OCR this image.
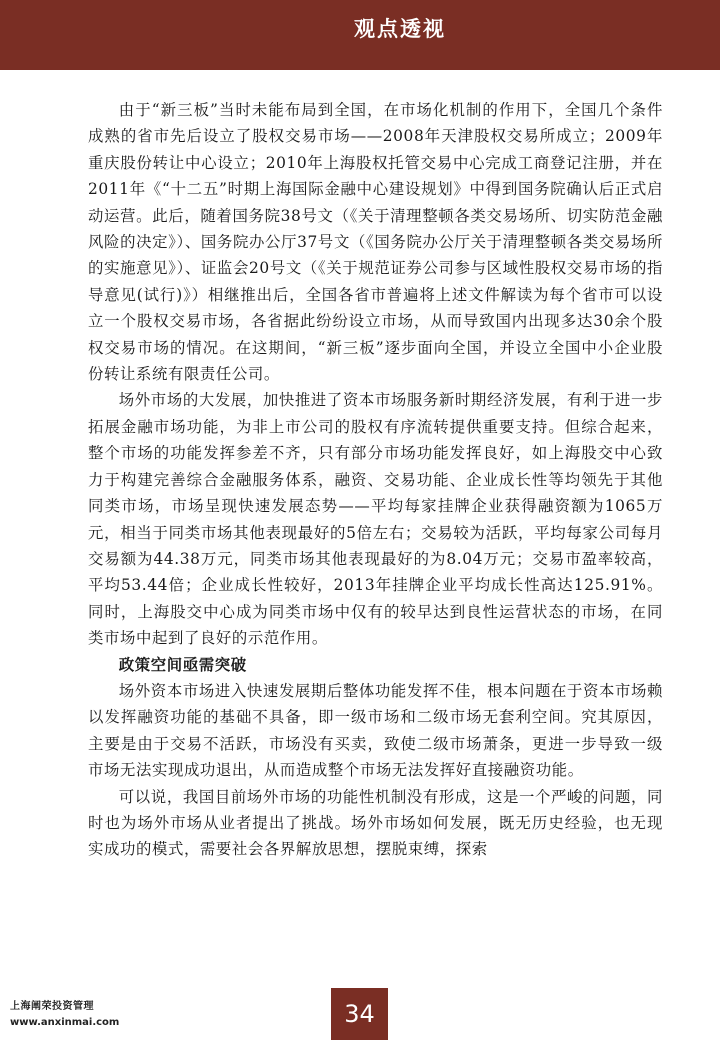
观点透视

由于“新三板”当时未能布局到全国，在市场化机制的作用下，全国几个条件成熟的省市先后设立了股权交易市场——2008年天津股权交易所成立；2009年重庆股份转让中心设立；2010年上海股权托管交易中心完成工商登记注册，并在2011年《“十二五”时期上海国际金融中心建设规划》中得到国务院确认后正式启动运营。此后，随着国务院38号文（《关于清理整顿各类交易场所、切实防范金融风险的决定》）、国务院办公厅37号文（《国务院办公厅关于清理整顿各类交易场所的实施意见》）、证监会20号文（《关于规范证券公司参与区域性股权交易市场的指导意见(试行)》）相继推出后，全国各省市普遍将上述文件解读为每个省市可以设立一个股权交易市场，各省据此纷纷设立市场，从而导致国内出现多达30余个股权交易市场的情况。在这期间，“新三板”逐步面向全国，并设立全国中小企业股份转让系统有限责任公司。

场外市场的大发展，加快推进了资本市场服务新时期经济发展，有利于进一步拓展金融市场功能，为非上市公司的股权有序流转提供重要支持。但综合起来，整个市场的功能发挥参差不齐，只有部分市场功能发挥良好，如上海股交中心致力于构建完善综合金融服务体系，融资、交易功能、企业成长性等均领先于其他同类市场，市场呈现快速发展态势——平均每家挂牌企业获得融资额为1065万元，相当于同类市场其他表现最好的5倍左右；交易较为活跃，平均每家公司每月交易额为44.38万元，同类市场其他表现最好的为8.04万元；交易市盈率较高，平均53.44倍；企业成长性较好，2013年挂牌企业平均成长性高达125.91%。同时，上海股交中心成为同类市场中仅有的较早达到良性运营状态的市场，在同类市场中起到了良好的示范作用。

政策空间亟需突破

场外资本市场进入快速发展期后整体功能发挥不佳，根本问题在于资本市场赖以发挥融资功能的基础不具备，即一级市场和二级市场无套利空间。究其原因，主要是由于交易不活跃，市场没有买卖，致使二级市场萧条，更进一步导致一级市场无法实现成功退出，从而造成整个市场无法发挥好直接融资功能。

可以说，我国目前场外市场的功能性机制没有形成，这是一个严峻的问题，同时也为场外市场从业者提出了挑战。场外市场如何发展，既无历史经验，也无现实成功的模式，需要社会各界解放思想，摆脱束缚，探索

上海阐荣投资管理
www.anxinmai.com	34
